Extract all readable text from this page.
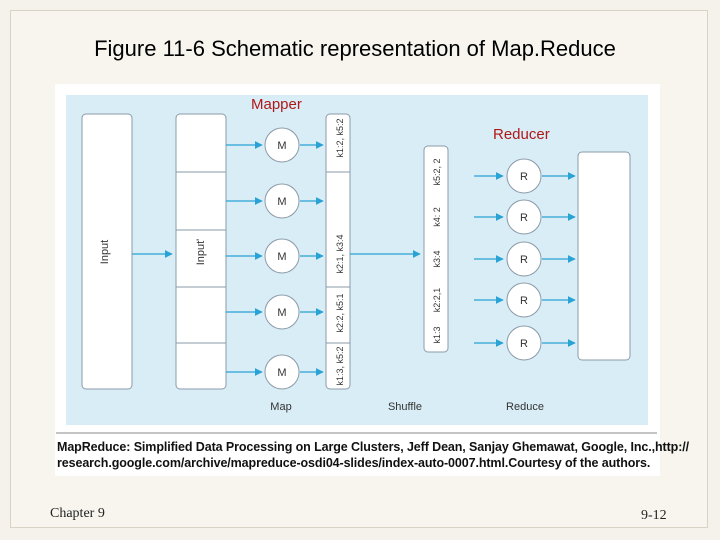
Figure 11-6 Schematic representation of Map.Reduce
Input	Input'
M
M
M
M
M
R
R
R
R
R
k1:2, k5:2
k2:1, k3:4
k2:2, k5:1
k1:3, k5:2
k5:2, 2
k4: 2
k3:4
k2:2,1
k1:3
Map	Shuffle	Reduce
Mapper
Reducer
MapReduce: Simplified Data Processing on Large Clusters, Jeff Dean, Sanjay Ghemawat, Google, Inc.,http://
research.google.com/archive/mapreduce-osdi04-slides/index-auto-0007.html.Courtesy of the authors.
Chapter 9	9-12
